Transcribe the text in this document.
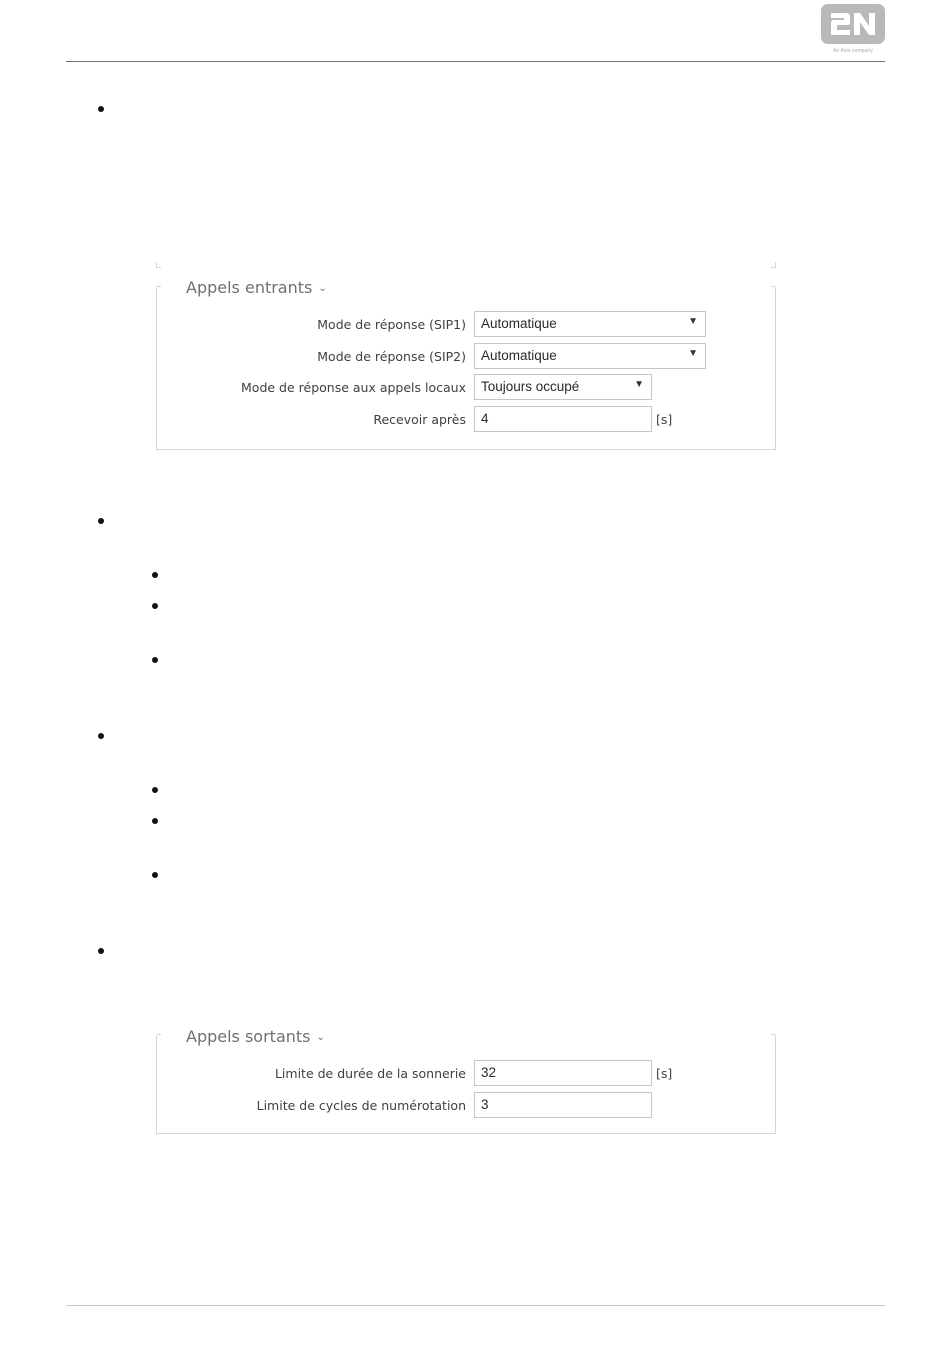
An Axis company
Appels entrants ⌄
Mode de réponse (SIP1)	Automatique	▼
Mode de réponse (SIP2)	Automatique	▼
Mode de réponse aux appels locaux	Toujours occupé	▼
Recevoir après	4	[s]
Appels sortants ⌄
Limite de durée de la sonnerie	32	[s]
Limite de cycles de numérotation	3
